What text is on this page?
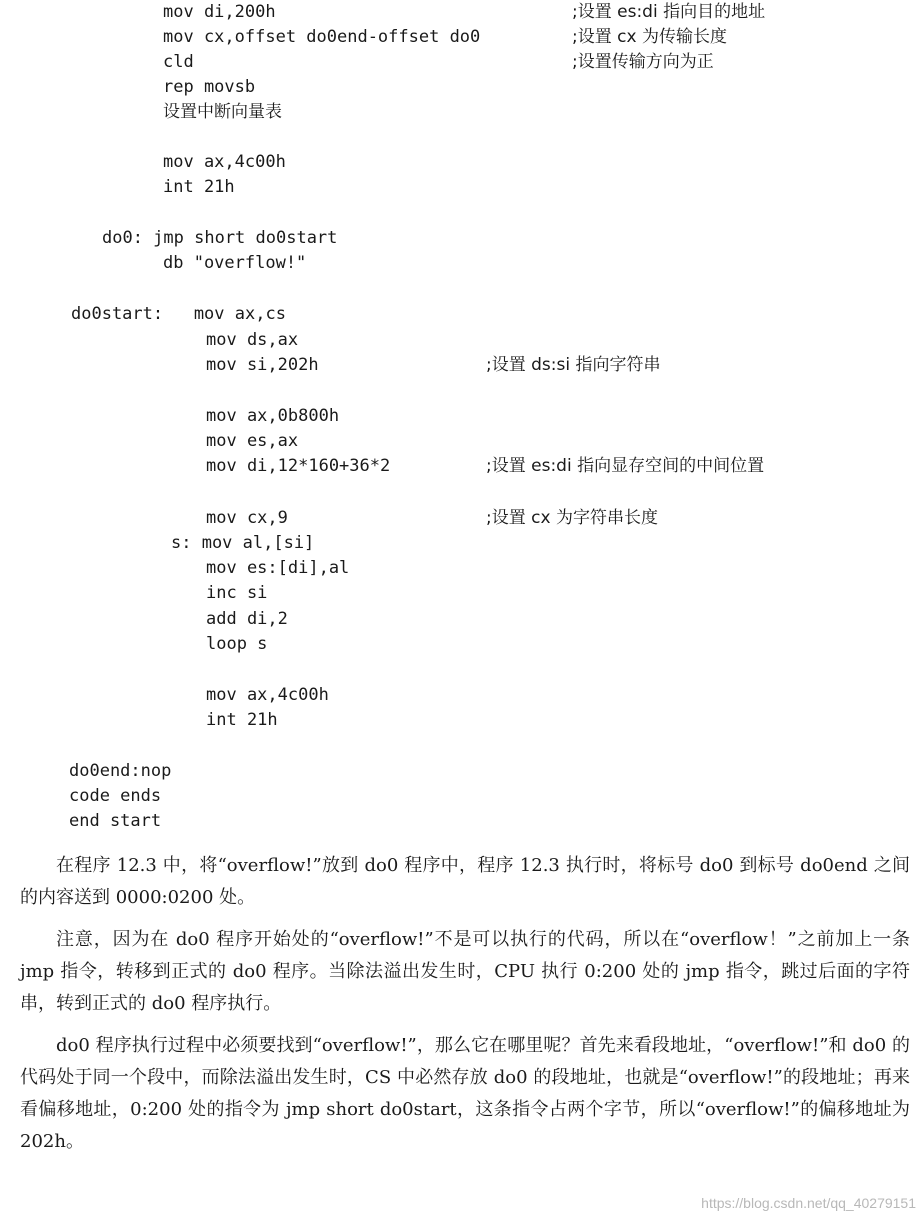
mov di,200h	;设置 es:di 指向目的地址
mov cx,offset do0end-offset do0	;设置 cx 为传输长度
cld	;设置传输方向为正
rep movsb
设置中断向量表
mov ax,4c00h
int 21h
do0: jmp short do0start
db "overflow!"
do0start:   mov ax,cs
mov ds,ax
mov si,202h	;设置 ds:si 指向字符串
mov ax,0b800h
mov es,ax
mov di,12*160+36*2	;设置 es:di 指向显存空间的中间位置
mov cx,9	;设置 cx 为字符串长度
s: mov al,[si]
mov es:[di],al
inc si
add di,2
loop s
mov ax,4c00h
int 21h
do0end:nop
code ends
end start

在程序 12.3 中，将“overflow!”放到 do0 程序中，程序 12.3 执行时，将标号 do0 到标号 do0end 之间的内容送到 0000:0200 处。

注意，因为在 do0 程序开始处的“overflow!”不是可以执行的代码，所以在“overflow！”之前加上一条 jmp 指令，转移到正式的 do0 程序。当除法溢出发生时，CPU 执行 0:200 处的 jmp 指令，跳过后面的字符串，转到正式的 do0 程序执行。

do0 程序执行过程中必须要找到“overflow!”，那么它在哪里呢？首先来看段地址，“overflow!”和 do0 的代码处于同一个段中，而除法溢出发生时，CS 中必然存放 do0 的段地址，也就是“overflow!”的段地址；再来看偏移地址，0:200 处的指令为 jmp short do0start，这条指令占两个字节，所以“overflow!”的偏移地址为 202h。

https://blog.csdn.net/qq_40279151
